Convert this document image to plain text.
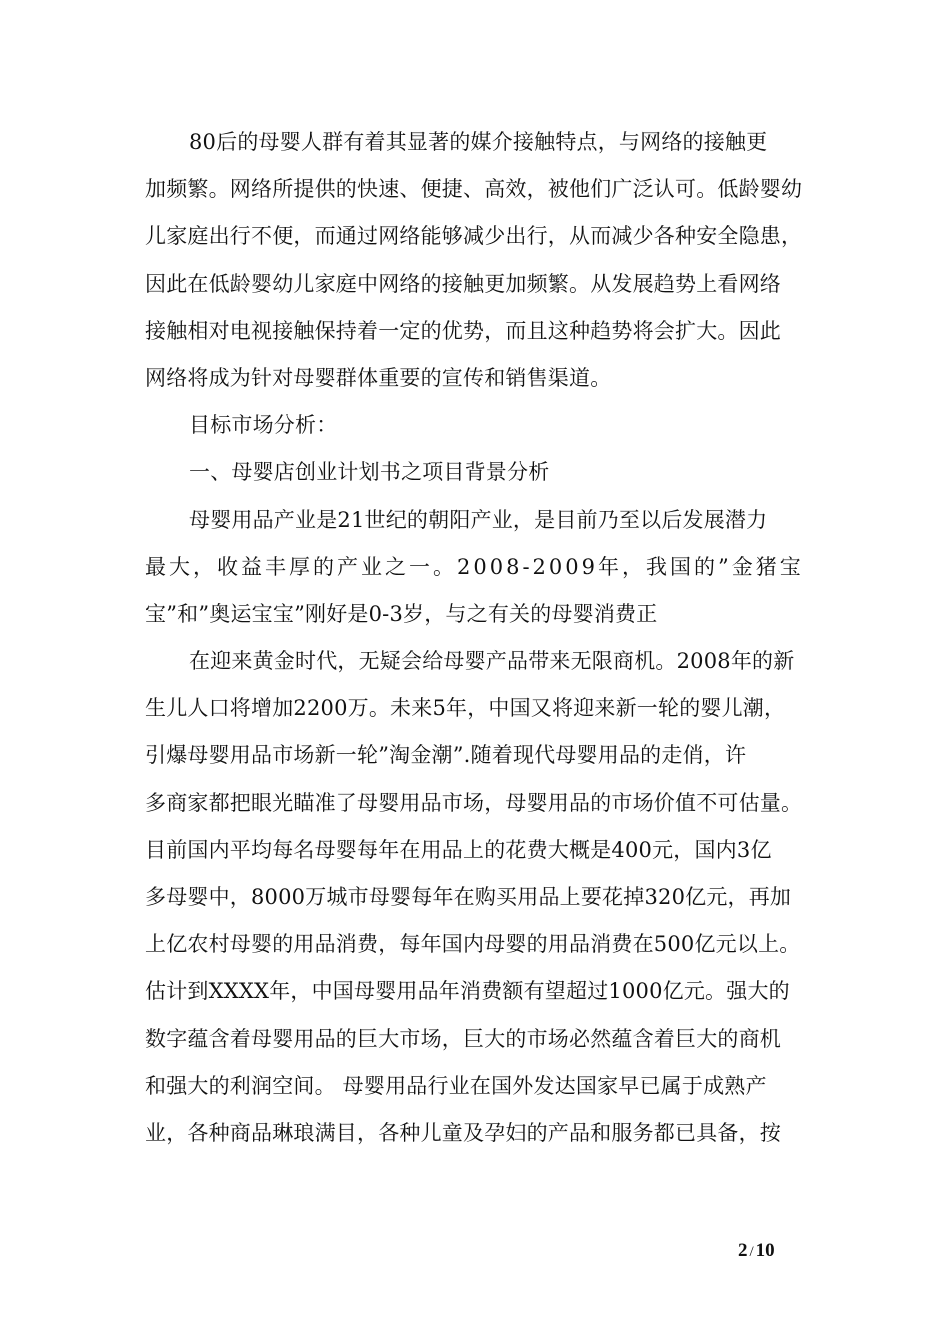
80后的母婴人群有着其显著的媒介接触特点，与网络的接触更
加频繁。网络所提供的快速、便捷、高效，被他们广泛认可。低龄婴幼
儿家庭出行不便，而通过网络能够减少出行，从而减少各种安全隐患，
因此在低龄婴幼儿家庭中网络的接触更加频繁。从发展趋势上看网络
接触相对电视接触保持着一定的优势，而且这种趋势将会扩大。因此
网络将成为针对母婴群体重要的宣传和销售渠道。
目标市场分析：
一、母婴店创业计划书之项目背景分析
母婴用品产业是21世纪的朝阳产业，是目前乃至以后发展潜力
最大，收益丰厚的产业之一。2008-2009年，我国的”金猪宝
宝”和”奥运宝宝”刚好是0-3岁，与之有关的母婴消费正
在迎来黄金时代，无疑会给母婴产品带来无限商机。2008年的新
生儿人口将增加2200万。未来5年，中国又将迎来新一轮的婴儿潮，
引爆母婴用品市场新一轮”淘金潮”.随着现代母婴用品的走俏，许
多商家都把眼光瞄准了母婴用品市场，母婴用品的市场价值不可估量。
目前国内平均每名母婴每年在用品上的花费大概是400元，国内3亿
多母婴中，8000万城市母婴每年在购买用品上要花掉320亿元，再加
上亿农村母婴的用品消费，每年国内母婴的用品消费在500亿元以上。
估计到XXXX年，中国母婴用品年消费额有望超过1000亿元。强大的
数字蕴含着母婴用品的巨大市场，巨大的市场必然蕴含着巨大的商机
和强大的利润空间。 母婴用品行业在国外发达国家早已属于成熟产
业，各种商品琳琅满目，各种儿童及孕妇的产品和服务都已具备，按
2 / 10
